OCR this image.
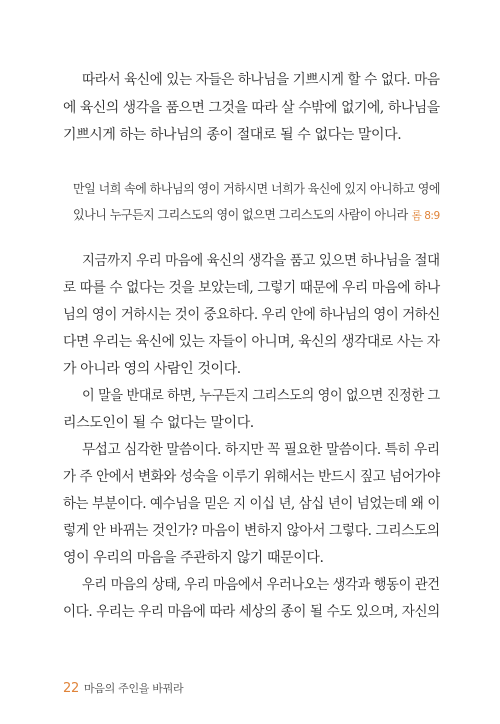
따라서 육신에 있는 자들은 하나님을 기쁘시게 할 수 없다. 마음

에 육신의 생각을 품으면 그것을 따라 살 수밖에 없기에, 하나님을

기쁘시게 하는 하나님의 종이 절대로 될 수 없다는 말이다.

만일 너희 속에 하나님의 영이 거하시면 너희가 육신에 있지 아니하고 영에

있나니 누구든지 그리스도의 영이 없으면 그리스도의 사람이 아니라 롬 8:9

지금까지 우리 마음에 육신의 생각을 품고 있으면 하나님을 절대

로 따를 수 없다는 것을 보았는데, 그렇기 때문에 우리 마음에 하나

님의 영이 거하시는 것이 중요하다. 우리 안에 하나님의 영이 거하신

다면 우리는 육신에 있는 자들이 아니며, 육신의 생각대로 사는 자

가 아니라 영의 사람인 것이다.

이 말을 반대로 하면, 누구든지 그리스도의 영이 없으면 진정한 그

리스도인이 될 수 없다는 말이다.

무섭고 심각한 말씀이다. 하지만 꼭 필요한 말씀이다. 특히 우리

가 주 안에서 변화와 성숙을 이루기 위해서는 반드시 짚고 넘어가야

하는 부분이다. 예수님을 믿은 지 이십 년, 삼십 년이 넘었는데 왜 이

렇게 안 바뀌는 것인가? 마음이 변하지 않아서 그렇다. 그리스도의

영이 우리의 마음을 주관하지 않기 때문이다.

우리 마음의 상태, 우리 마음에서 우러나오는 생각과 행동이 관건

이다. 우리는 우리 마음에 따라 세상의 종이 될 수도 있으며, 자신의

22 마음의 주인을 바꿔라
